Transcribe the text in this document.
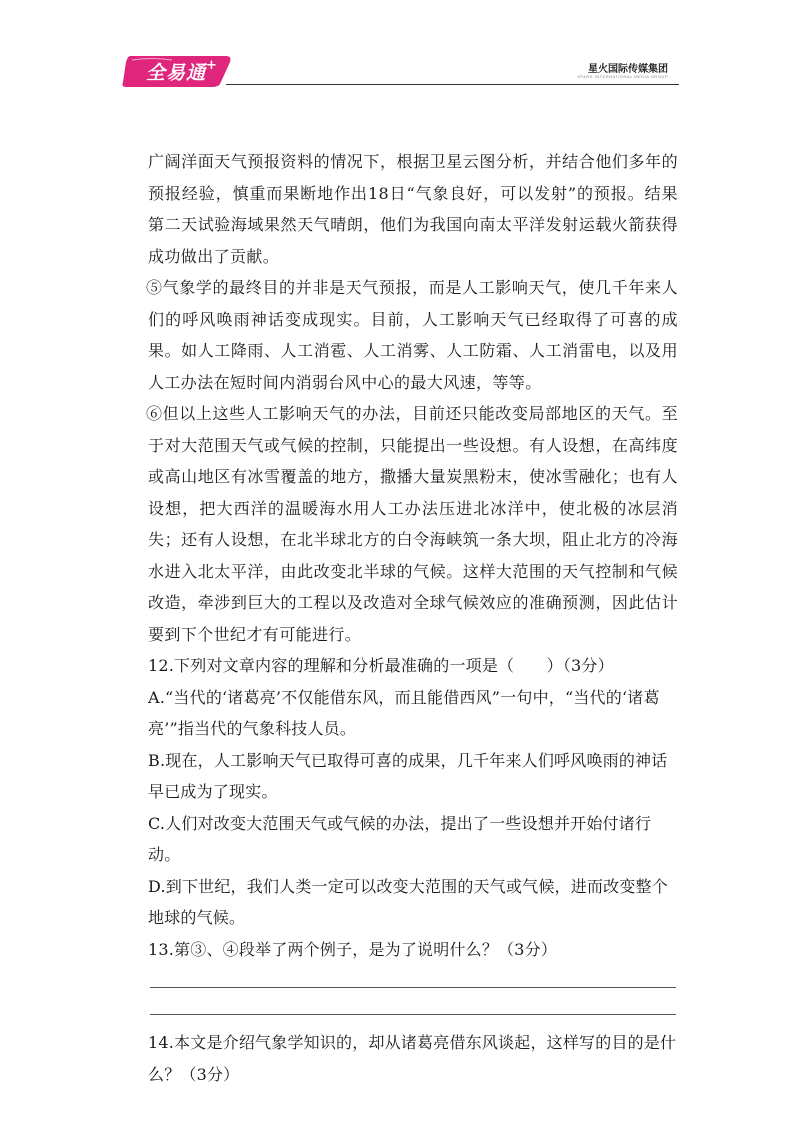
全易通+	星火国际传媒集团
SPARK INTERNATIONAL MEDIA GROUP

广阔洋面天气预报资料的情况下，根据卫星云图分析，并结合他们多年的预报经验，慎重而果断地作出18日“气象良好，可以发射”的预报。结果第二天试验海域果然天气晴朗，他们为我国向南太平洋发射运载火箭获得成功做出了贡献。

⑤气象学的最终目的并非是天气预报，而是人工影响天气，使几千年来人们的呼风唤雨神话变成现实。目前，人工影响天气已经取得了可喜的成果。如人工降雨、人工消雹、人工消雾、人工防霜、人工消雷电，以及用人工办法在短时间内消弱台风中心的最大风速，等等。

⑥但以上这些人工影响天气的办法，目前还只能改变局部地区的天气。至于对大范围天气或气候的控制，只能提出一些设想。有人设想，在高纬度或高山地区有冰雪覆盖的地方，撒播大量炭黑粉末，使冰雪融化；也有人设想，把大西洋的温暖海水用人工办法压进北冰洋中，使北极的冰层消失；还有人设想，在北半球北方的白令海峡筑一条大坝，阻止北方的冷海水进入北太平洋，由此改变北半球的气候。这样大范围的天气控制和气候改造，牵涉到巨大的工程以及改造对全球气候效应的准确预测，因此估计要到下个世纪才有可能进行。

12.下列对文章内容的理解和分析最准确的一项是（　　）（3分）

A.“当代的‘诸葛亮’不仅能借东风，而且能借西风”一句中，“当代的‘诸葛亮’”指当代的气象科技人员。

B.现在，人工影响天气已取得可喜的成果，几千年来人们呼风唤雨的神话早已成为了现实。

C.人们对改变大范围天气或气候的办法，提出了一些设想并开始付诸行动。

D.到下世纪，我们人类一定可以改变大范围的天气或气候，进而改变整个地球的气候。

13.第③、④段举了两个例子，是为了说明什么？（3分）

14.本文是介绍气象学知识的，却从诸葛亮借东风谈起，这样写的目的是什么？（3分）
